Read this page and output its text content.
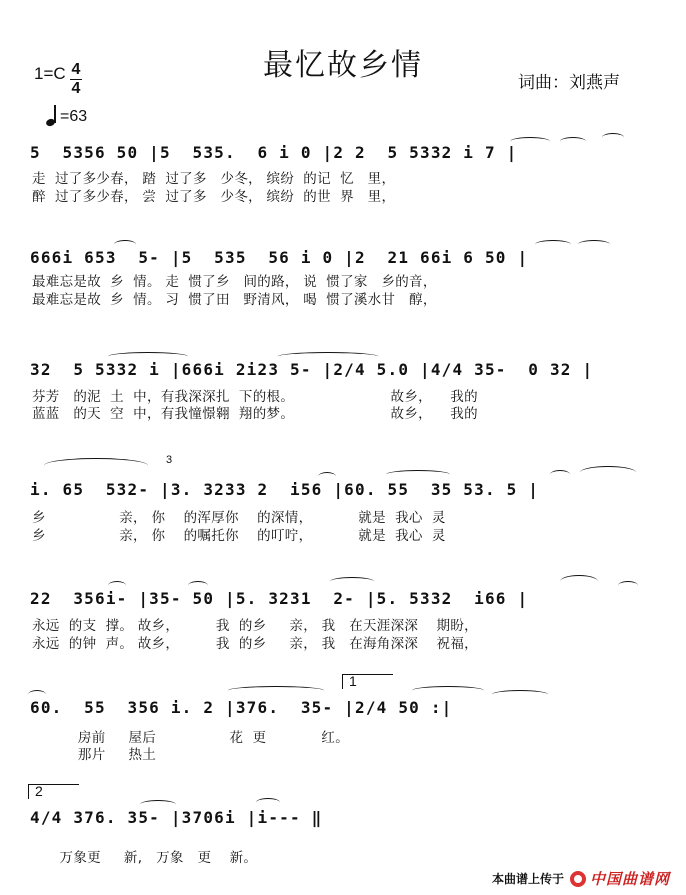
最忆故乡情
1=C 4
4
=63
词曲：刘燕声
5  5356 50 |5  535.  6 i 0 |2 2  5 5332 i 7 |
走  过了多少春， 踏  过了多   少冬， 缤纷  的记  忆   里，
醉  过了多少春， 尝  过了多   少冬， 缤纷  的世  界   里，
666i 653  5- |5  535  56 i 0 |2  21 66i 6 50 |
最难忘是故  乡  情。 走  惯了乡   间的路， 说  惯了家   乡的音，
最难忘是故  乡  情。 习  惯了田   野清风， 喝  惯了溪水甘   醇，
32  5 5332 i |666i 2i23 5- |2/4 5.0 |4/4 35-  0 32 |
芬芳   的泥  土  中，有我深深扎  下的根。                     故乡，    我的
蓝蓝   的天  空  中，有我憧憬翱  翔的梦。                     故乡，    我的
i. 65  532- |3. 3233 2  i56 |60. 55  35 53. 5 |
3
乡                亲， 你    的浑厚你    的深情，          就是  我心  灵
乡                亲， 你    的嘱托你    的叮咛，          就是  我心  灵
22  356i- |35- 50 |5. 3231  2- |5. 5332  i66 |
永远  的支  撑。 故乡，        我  的乡     亲， 我   在天涯深深    期盼，
永远  的钟  声。 故乡，        我  的乡     亲， 我   在海角深深    祝福，
60.  55  356 i. 2 |376.  35- |2/4 50 :|
1
房前     屋后                花  更            红。
那片     热土
4/4 376. 35- |3706i |i--- ‖
2
万象更     新,   万象   更    新。
本曲谱上传于 中国曲谱网
